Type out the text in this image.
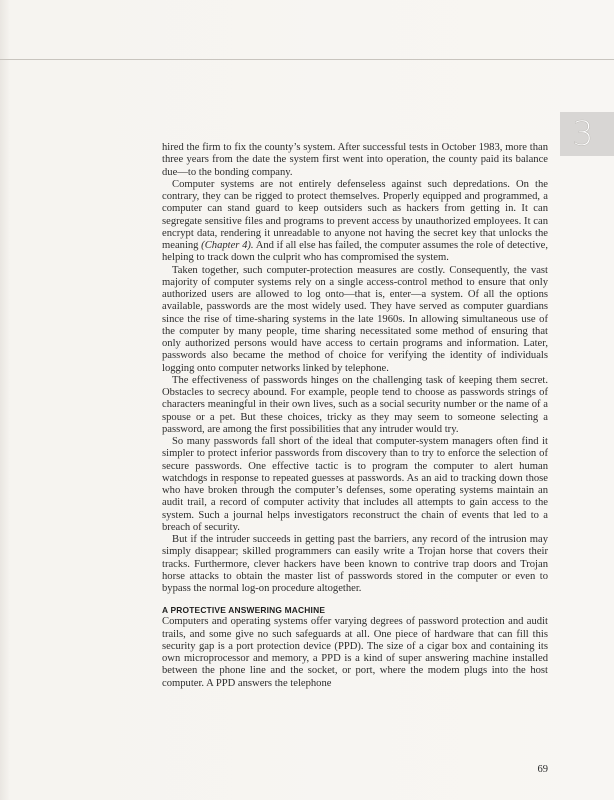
3

hired the firm to fix the county’s system. After successful tests in October 1983, more than three years from the date the system first went into operation, the county paid its balance due—to the bonding company.

Computer systems are not entirely defenseless against such depredations. On the contrary, they can be rigged to protect themselves. Properly equipped and programmed, a computer can stand guard to keep outsiders such as hackers from getting in. It can segregate sensitive files and programs to prevent access by unauthorized employees. It can encrypt data, rendering it unreadable to anyone not having the secret key that unlocks the meaning (Chapter 4). And if all else has failed, the computer assumes the role of detective, helping to track down the culprit who has compromised the system.

Taken together, such computer-protection measures are costly. Consequently, the vast majority of computer systems rely on a single access-control method to ensure that only authorized users are allowed to log onto—that is, enter—a system. Of all the options available, passwords are the most widely used. They have served as computer guardians since the rise of time-sharing systems in the late 1960s. In allowing simultaneous use of the computer by many people, time sharing necessitated some method of ensuring that only authorized persons would have access to certain programs and information. Later, passwords also became the method of choice for verifying the identity of individuals logging onto computer networks linked by telephone.

The effectiveness of passwords hinges on the challenging task of keeping them secret. Obstacles to secrecy abound. For example, people tend to choose as passwords strings of characters meaningful in their own lives, such as a social security number or the name of a spouse or a pet. But these choices, tricky as they may seem to someone selecting a password, are among the first possibilities that any intruder would try.

So many passwords fall short of the ideal that computer-system managers often find it simpler to protect inferior passwords from discovery than to try to enforce the selection of secure passwords. One effective tactic is to program the computer to alert human watchdogs in response to repeated guesses at passwords. As an aid to tracking down those who have broken through the computer’s defenses, some operating systems maintain an audit trail, a record of computer activity that includes all attempts to gain access to the system. Such a journal helps investigators reconstruct the chain of events that led to a breach of security.

But if the intruder succeeds in getting past the barriers, any record of the intrusion may simply disappear; skilled programmers can easily write a Trojan horse that covers their tracks. Furthermore, clever hackers have been known to contrive trap doors and Trojan horse attacks to obtain the master list of passwords stored in the computer or even to bypass the normal log-on procedure altogether.

A PROTECTIVE ANSWERING MACHINE

Computers and operating systems offer varying degrees of password protection and audit trails, and some give no such safeguards at all. One piece of hardware that can fill this security gap is a port protection device (PPD). The size of a cigar box and containing its own microprocessor and memory, a PPD is a kind of super answering machine installed between the phone line and the socket, or port, where the modem plugs into the host computer. A PPD answers the telephone

69
